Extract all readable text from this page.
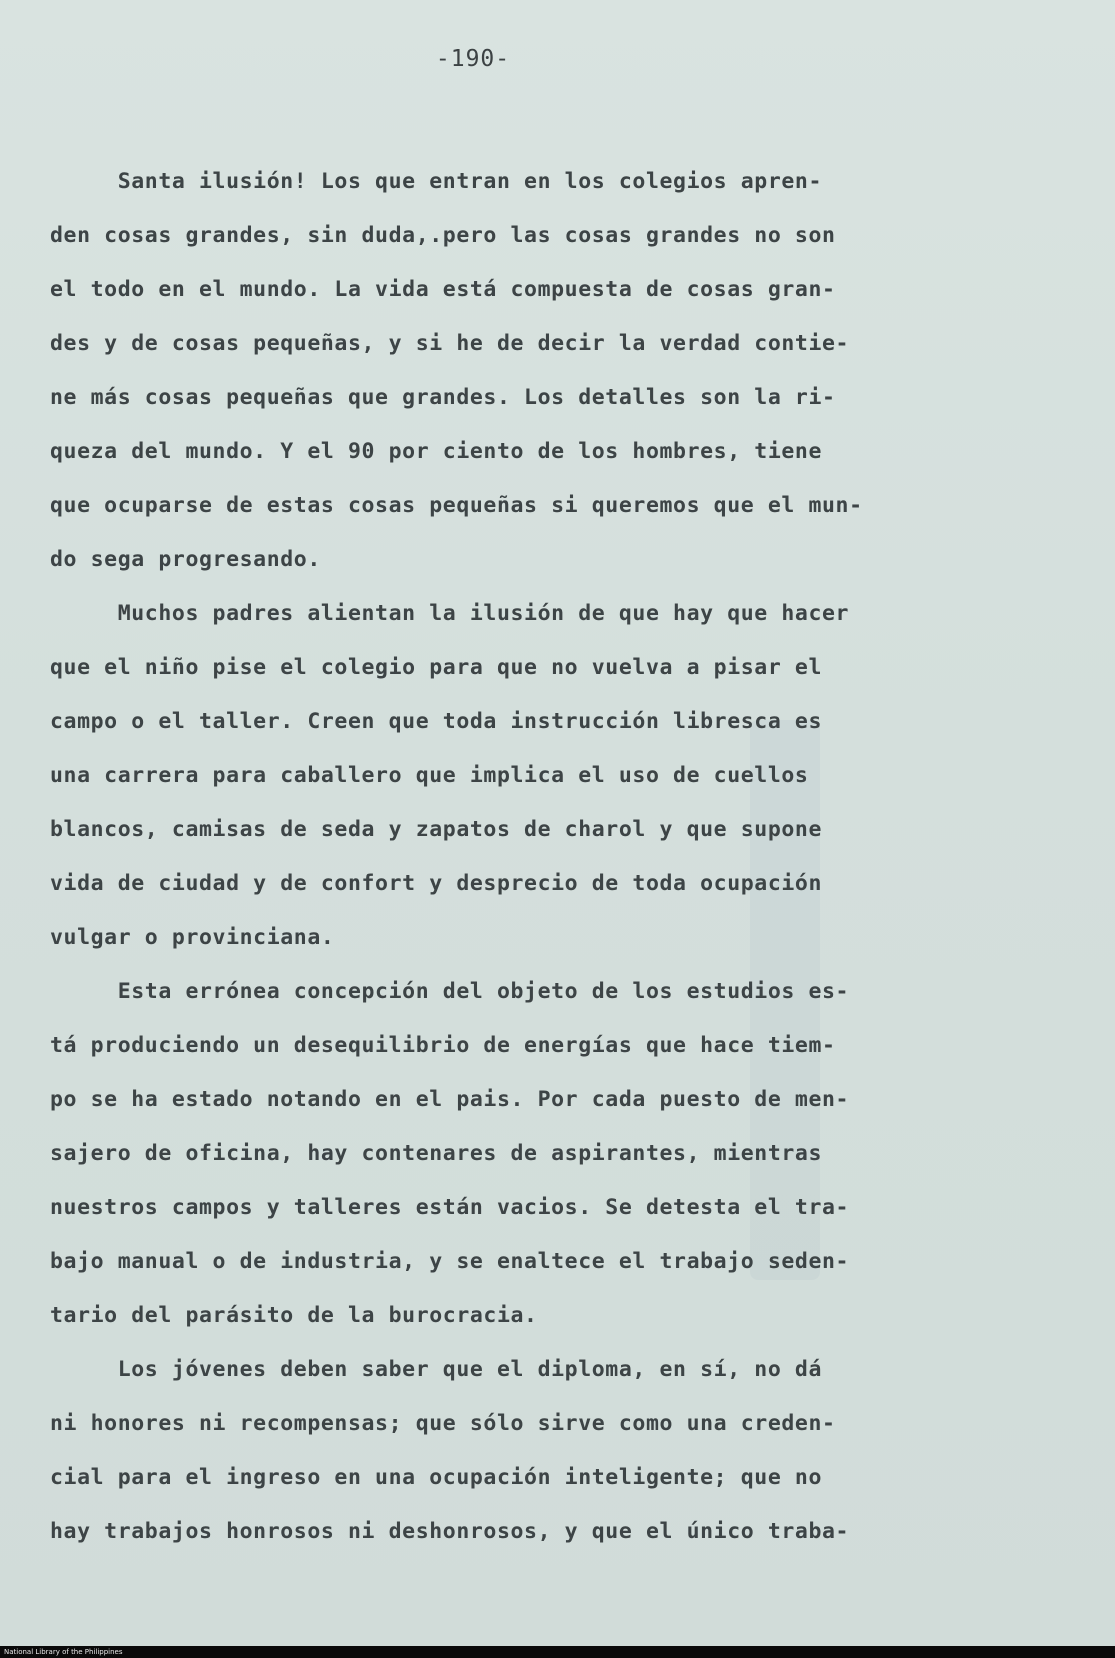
-190-
Santa ilusión! Los que entran en los colegios apren-
den cosas grandes, sin duda,.pero las cosas grandes no son
el todo en el mundo. La vida está compuesta de cosas gran-
des y de cosas pequeñas, y si he de decir la verdad contie-
ne más cosas pequeñas que grandes. Los detalles son la ri-
queza del mundo. Y el 90 por ciento de los hombres, tiene
que ocuparse de estas cosas pequeñas si queremos que el mun-
do sega progresando.
Muchos padres alientan la ilusión de que hay que hacer
que el niño pise el colegio para que no vuelva a pisar el
campo o el taller. Creen que toda instrucción libresca es
una carrera para caballero que implica el uso de cuellos
blancos, camisas de seda y zapatos de charol y que supone
vida de ciudad y de confort y desprecio de toda ocupación
vulgar o provinciana.
Esta errónea concepción del objeto de los estudios es-
tá produciendo un desequilibrio de energías que hace tiem-
po se ha estado notando en el pais. Por cada puesto de men-
sajero de oficina, hay contenares de aspirantes, mientras
nuestros campos y talleres están vacios. Se detesta el tra-
bajo manual o de industria, y se enaltece el trabajo seden-
tario del parásito de la burocracia.
Los jóvenes deben saber que el diploma, en sí, no dá
ni honores ni recompensas; que sólo sirve como una creden-
cial para el ingreso en una ocupación inteligente; que no
hay trabajos honrosos ni deshonrosos, y que el único traba-
National Library of the Philippines
